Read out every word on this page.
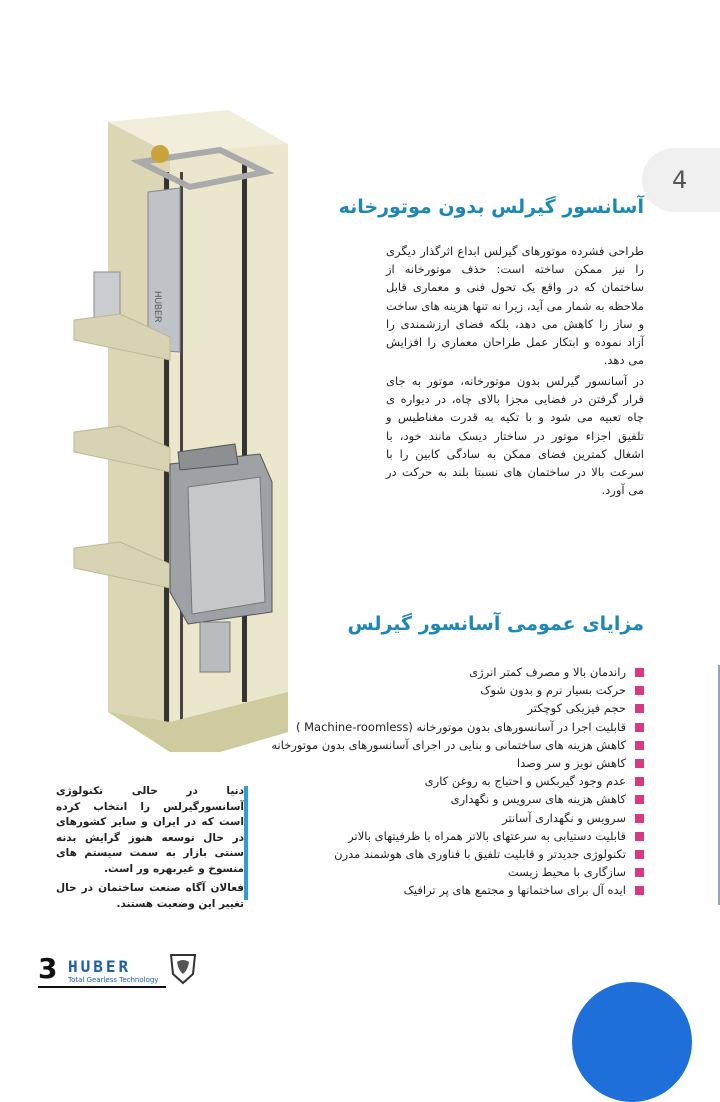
4
HUBER
آسانسور گیرلس بدون موتورخانه
طراحی فشرده موتورهای گیرلس ابداع اثرگذار دیگری را نیز ممکن ساخته است: حذف موتورخانه از ساختمان که در واقع یک تحول فنی و معماری قابل ملاحظه به شمار می آید، زیرا نه تنها هزینه های ساخت و ساز را کاهش می دهد، بلکه فضای ارزشمندی را آزاد نموده و ابتکار عمل طراحان معماری را افزایش می دهد.
در آسانسور گیرلس بدون موتورخانه، موتور به جای قرار گرفتن در فضایی مجزا بالای چاه، در دیواره ی چاه تعبیه می شود و با تکیه به قدرت مغناطیس و تلفیق اجزاء موتور در ساختار دیسک مانند خود، با اشغال کمترین فضای ممکن به سادگی کابین را با سرعت بالا در ساختمان های نسبتا بلند به حرکت در می آورد.
مزایای عمومی آسانسور گیرلس
راندمان بالا و مصرف کمتر انرژی
حرکت بسیار نرم و بدون شوک
حجم فیزیکی کوچکتر
قابلیت اجرا در آسانسورهای بدون موتورخانه (Machine-roomless )
کاهش هزینه های ساختمانی و بنایی در اجرای آسانسورهای بدون موتورخانه
کاهش نویز و سر وصدا
عدم وجود گیربکس و احتیاج به روغن کاری
کاهش هزینه های سرویس و نگهداری
سرویس و نگهداری آسانتر
قابلیت دستیابی به سرعتهای بالاتر همراه با ظرفیتهای بالاتر
تکنولوژی جدیدتر و قابلیت تلفیق با فناوری های هوشمند مدرن
سازگاری با محیط زیست
ایده آل برای ساختمانها و مجتمع های پر ترافیک

دنیا در حالی تکنولوژی آسانسورگیرلس را انتخاب کرده است که در ایران و سایر کشورهای در حال توسعه هنوز گرایش بدنه سنتی بازار به سمت سیستم های منسوخ و غیربهره ور است.

فعالان آگاه صنعت ساختمان در حال تغییر این وضعیت هستند.

3 HUBER
Total Gearless Technology
